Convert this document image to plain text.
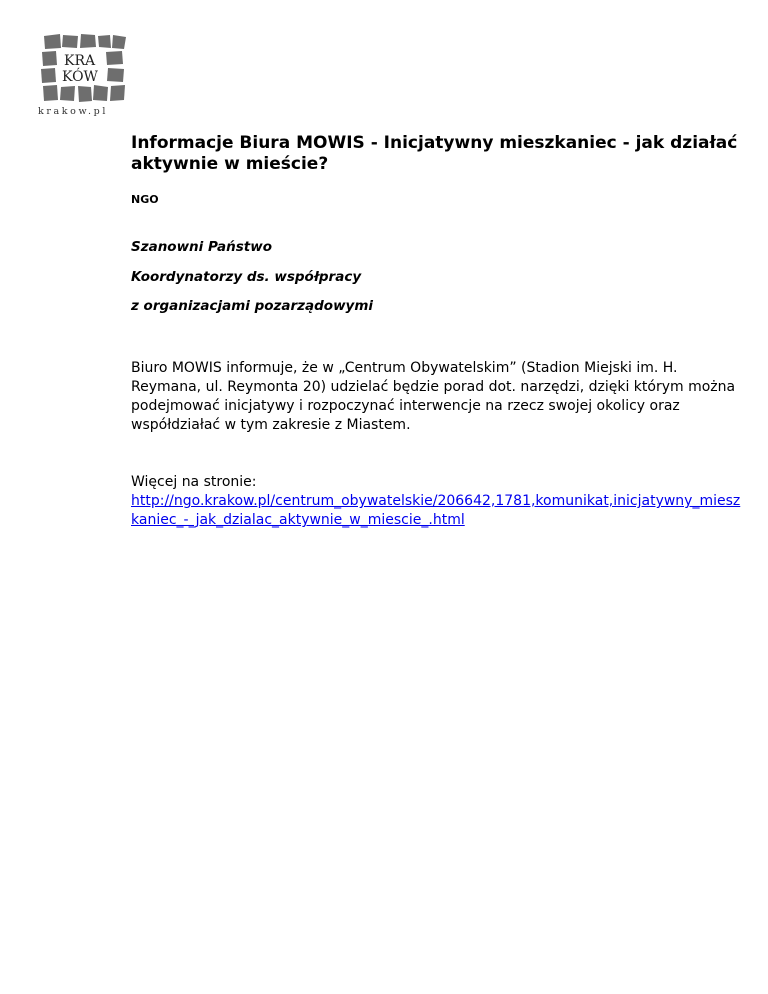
KRA
KÓW
krakow.pl
Informacje Biura MOWIS - Inicjatywny mieszkaniec - jak działać aktywnie w mieście?
NGO

Szanowni Państwo

Koordynatorzy ds. współpracy

z organizacjami pozarządowymi

Biuro MOWIS informuje, że w „Centrum Obywatelskim” (Stadion Miejski im. H. Reymana, ul. Reymonta 20) udzielać będzie porad dot. narzędzi, dzięki którym można podejmować inicjatywy i rozpoczynać interwencje na rzecz swojej okolicy oraz współdziałać w tym zakresie z Miastem.
Więcej na stronie:
http://ngo.krakow.pl/centrum_obywatelskie/206642,1781,komunikat,inicjatywny_mieszkaniec_-_jak_dzialac_aktywnie_w_miescie_.html
